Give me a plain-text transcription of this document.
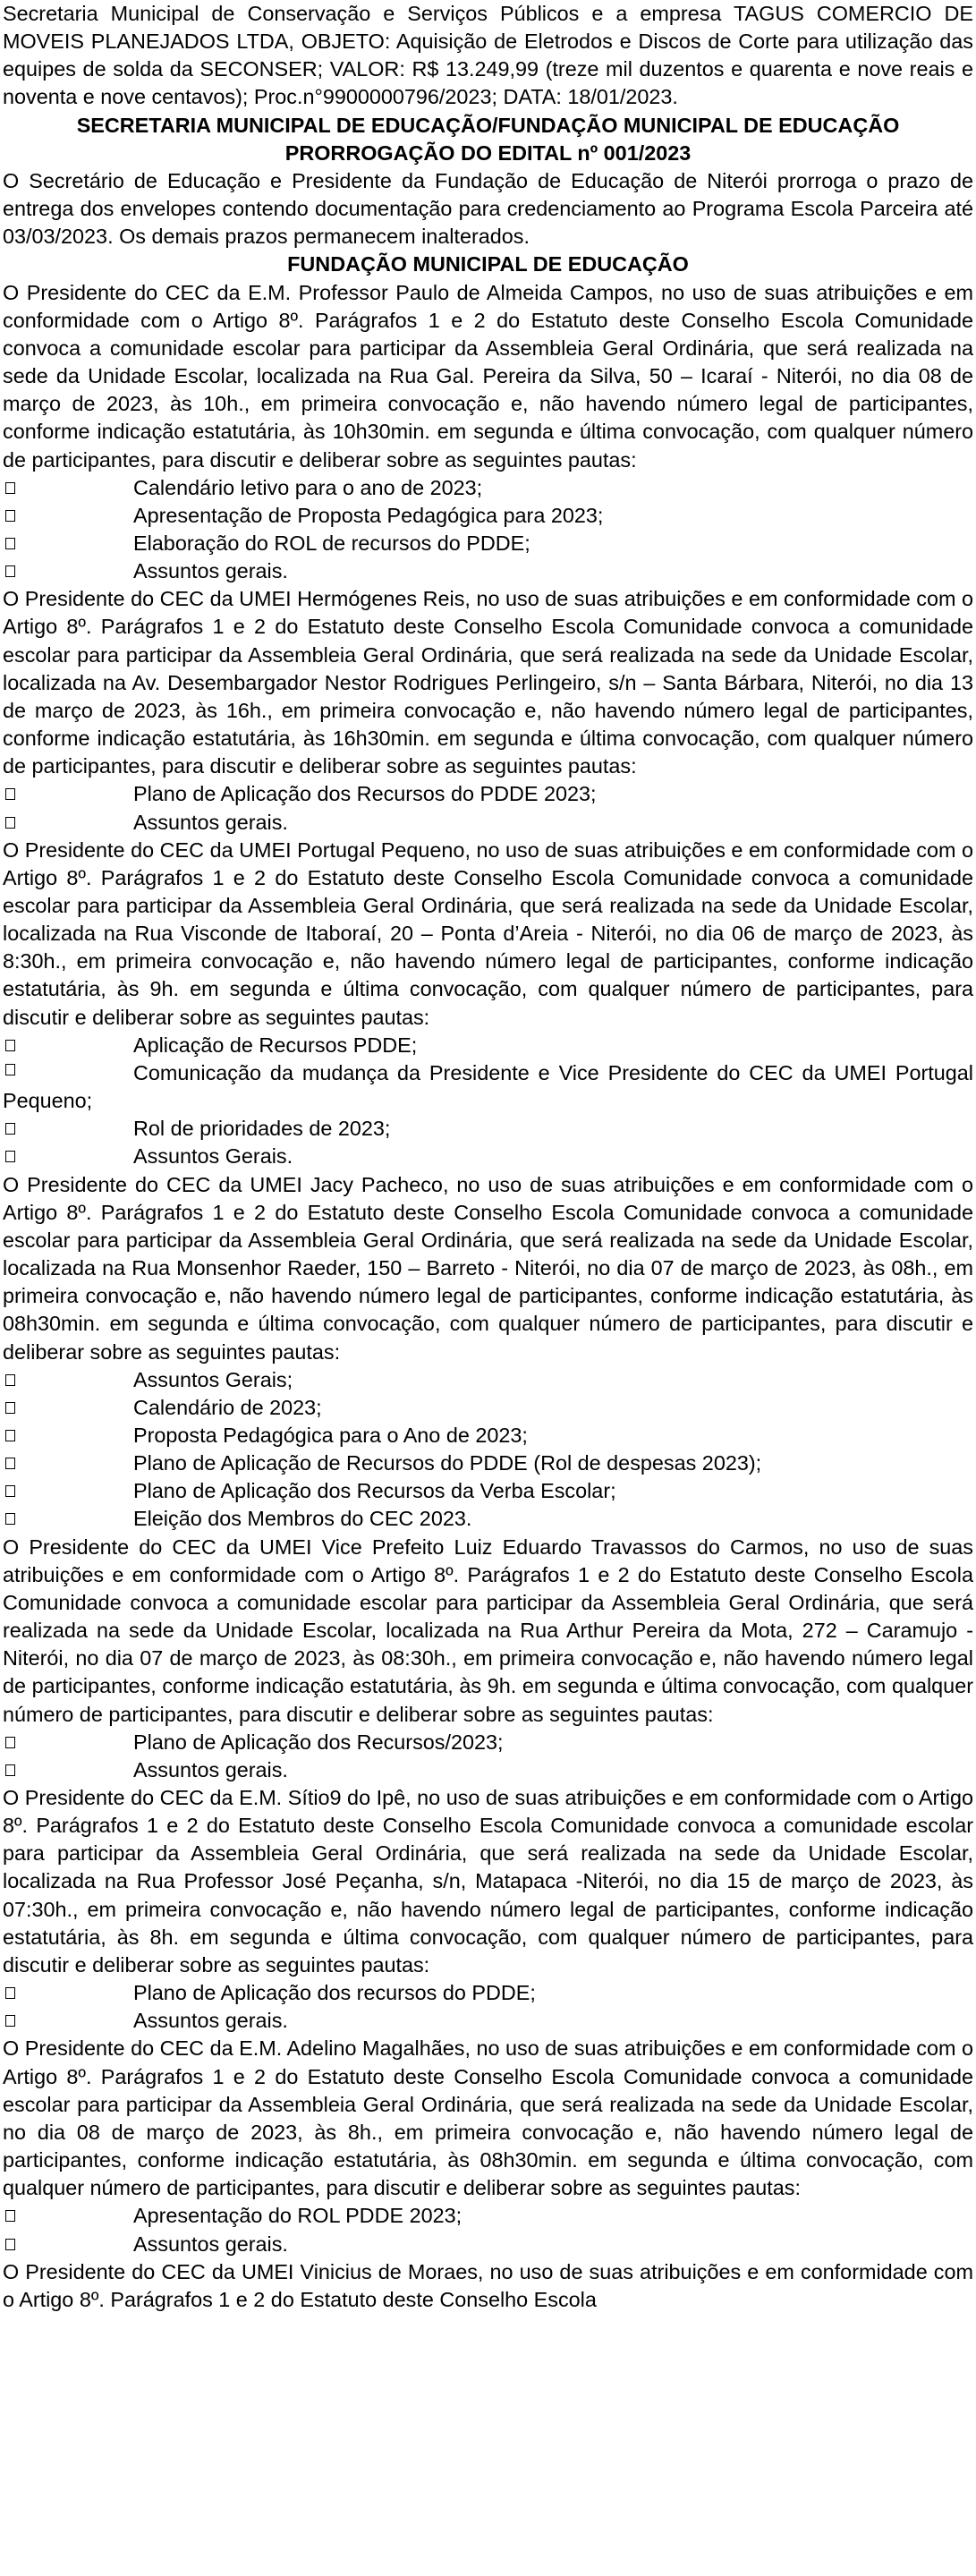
Secretaria Municipal de Conservação e Serviços Públicos e a empresa TAGUS COMERCIO DE MOVEIS PLANEJADOS LTDA, OBJETO: Aquisição de Eletrodos e Discos de Corte para utilização das equipes de solda da SECONSER; VALOR: R$ 13.249,99 (treze mil duzentos e quarenta e nove reais e noventa e nove centavos); Proc.n°9900000796/2023; DATA: 18/01/2023.

SECRETARIA MUNICIPAL DE EDUCAÇÃO/FUNDAÇÃO MUNICIPAL DE EDUCAÇÃO

PRORROGAÇÃO DO EDITAL nº 001/2023

O Secretário de Educação e Presidente da Fundação de Educação de Niterói prorroga o prazo de entrega dos envelopes contendo documentação para credenciamento ao Programa Escola Parceira até 03/03/2023. Os demais prazos permanecem inalterados.

FUNDAÇÃO MUNICIPAL DE EDUCAÇÃO

O Presidente do CEC da E.M. Professor Paulo de Almeida Campos, no uso de suas atribuições e em conformidade com o Artigo 8º. Parágrafos 1 e 2 do Estatuto deste Conselho Escola Comunidade convoca a comunidade escolar para participar da Assembleia Geral Ordinária, que será realizada na sede da Unidade Escolar, localizada na Rua Gal. Pereira da Silva, 50 – Icaraí - Niterói, no dia 08 de março de 2023, às 10h., em primeira convocação e, não havendo número legal de participantes, conforme indicação estatutária, às 10h30min. em segunda e última convocação, com qualquer número de participantes, para discutir e deliberar sobre as seguintes pautas:

Calendário letivo para o ano de 2023;
Apresentação de Proposta Pedagógica para 2023;
Elaboração do ROL de recursos do PDDE;
Assuntos gerais.

O Presidente do CEC da UMEI Hermógenes Reis, no uso de suas atribuições e em conformidade com o Artigo 8º. Parágrafos 1 e 2 do Estatuto deste Conselho Escola Comunidade convoca a comunidade escolar para participar da Assembleia Geral Ordinária, que será realizada na sede da Unidade Escolar, localizada na Av. Desembargador Nestor Rodrigues Perlingeiro, s/n – Santa Bárbara, Niterói, no dia 13 de março de 2023, às 16h., em primeira convocação e, não havendo número legal de participantes, conforme indicação estatutária, às 16h30min. em segunda e última convocação, com qualquer número de participantes, para discutir e deliberar sobre as seguintes pautas:

Plano de Aplicação dos Recursos do PDDE 2023;
Assuntos gerais.

O Presidente do CEC da UMEI Portugal Pequeno, no uso de suas atribuições e em conformidade com o Artigo 8º. Parágrafos 1 e 2 do Estatuto deste Conselho Escola Comunidade convoca a comunidade escolar para participar da Assembleia Geral Ordinária, que será realizada na sede da Unidade Escolar, localizada na Rua Visconde de Itaboraí, 20 – Ponta d’Areia - Niterói, no dia 06 de março de 2023, às 8:30h., em primeira convocação e, não havendo número legal de participantes, conforme indicação estatutária, às 9h. em segunda e última convocação, com qualquer número de participantes, para discutir e deliberar sobre as seguintes pautas:

Aplicação de Recursos PDDE;

Comunicação da mudança da Presidente e Vice Presidente do CEC da UMEI Portugal Pequeno;

Rol de prioridades de 2023;
Assuntos Gerais.

O Presidente do CEC da UMEI Jacy Pacheco, no uso de suas atribuições e em conformidade com o Artigo 8º. Parágrafos 1 e 2 do Estatuto deste Conselho Escola Comunidade convoca a comunidade escolar para participar da Assembleia Geral Ordinária, que será realizada na sede da Unidade Escolar, localizada na Rua Monsenhor Raeder, 150 – Barreto - Niterói, no dia 07 de março de 2023, às 08h., em primeira convocação e, não havendo número legal de participantes, conforme indicação estatutária, às 08h30min. em segunda e última convocação, com qualquer número de participantes, para discutir e deliberar sobre as seguintes pautas:

Assuntos Gerais;
Calendário de 2023;
Proposta Pedagógica para o Ano de 2023;
Plano de Aplicação de Recursos do PDDE (Rol de despesas 2023);
Plano de Aplicação dos Recursos da Verba Escolar;
Eleição dos Membros do CEC 2023.

O Presidente do CEC da UMEI Vice Prefeito Luiz Eduardo Travassos do Carmos, no uso de suas atribuições e em conformidade com o Artigo 8º. Parágrafos 1 e 2 do Estatuto deste Conselho Escola Comunidade convoca a comunidade escolar para participar da Assembleia Geral Ordinária, que será realizada na sede da Unidade Escolar, localizada na Rua Arthur Pereira da Mota, 272 – Caramujo - Niterói, no dia 07 de março de 2023, às 08:30h., em primeira convocação e, não havendo número legal de participantes, conforme indicação estatutária, às 9h. em segunda e última convocação, com qualquer número de participantes, para discutir e deliberar sobre as seguintes pautas:

Plano de Aplicação dos Recursos/2023;
Assuntos gerais.

O Presidente do CEC da E.M. Sítio9 do Ipê, no uso de suas atribuições e em conformidade com o Artigo 8º. Parágrafos 1 e 2 do Estatuto deste Conselho Escola Comunidade convoca a comunidade escolar para participar da Assembleia Geral Ordinária, que será realizada na sede da Unidade Escolar, localizada na Rua Professor José Peçanha, s/n, Matapaca -Niterói, no dia 15 de março de 2023, às 07:30h., em primeira convocação e, não havendo número legal de participantes, conforme indicação estatutária, às 8h. em segunda e última convocação, com qualquer número de participantes, para discutir e deliberar sobre as seguintes pautas:

Plano de Aplicação dos recursos do PDDE;
Assuntos gerais.

O Presidente do CEC da E.M. Adelino Magalhães, no uso de suas atribuições e em conformidade com o Artigo 8º. Parágrafos 1 e 2 do Estatuto deste Conselho Escola Comunidade convoca a comunidade escolar para participar da Assembleia Geral Ordinária, que será realizada na sede da Unidade Escolar, no dia 08 de março de 2023, às 8h., em primeira convocação e, não havendo número legal de participantes, conforme indicação estatutária, às 08h30min. em segunda e última convocação, com qualquer número de participantes, para discutir e deliberar sobre as seguintes pautas:

Apresentação do ROL PDDE 2023;
Assuntos gerais.

O Presidente do CEC da UMEI Vinicius de Moraes, no uso de suas atribuições e em conformidade com o Artigo 8º. Parágrafos 1 e 2 do Estatuto deste Conselho Escola
